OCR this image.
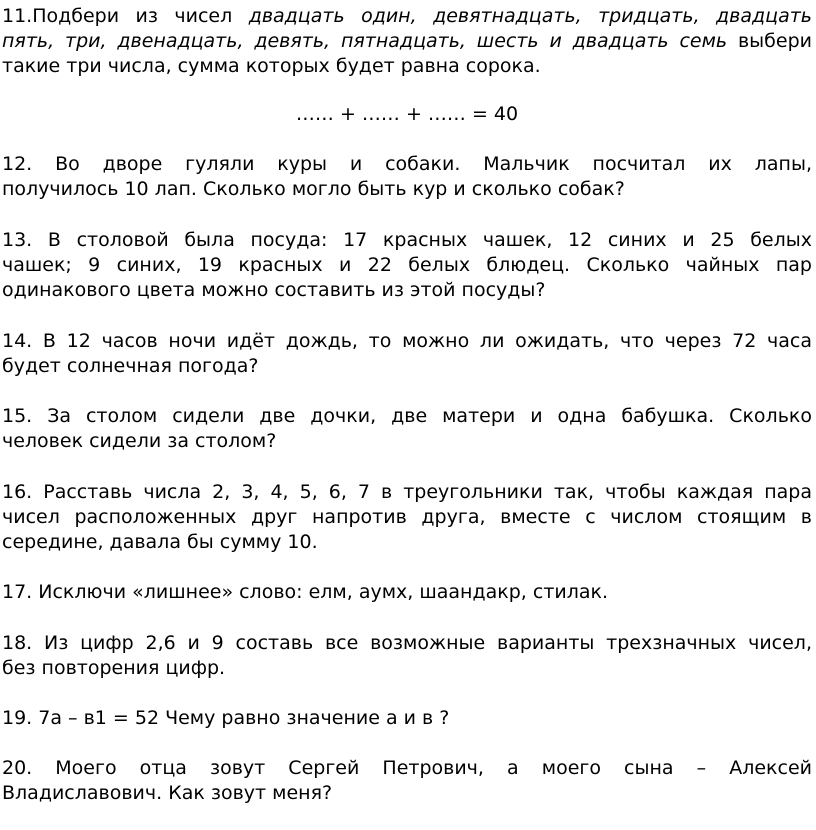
11.Подбери из чисел двадцать один, девятнадцать, тридцать, двадцать
пять, три, двенадцать, девять, пятнадцать, шесть и двадцать семь выбери
такие три числа, сумма которых будет равна сорока.
…… + …… + …… = 40
12. Во дворе гуляли куры и собаки. Мальчик посчитал их лапы,
получилось 10 лап. Сколько могло быть кур и сколько собак?
13. В столовой была посуда: 17 красных чашек, 12 синих и 25 белых
чашек; 9 синих, 19 красных и 22 белых блюдец. Сколько чайных пар
одинакового цвета можно составить из этой посуды?
14. В 12 часов ночи идёт дождь, то можно ли ожидать, что через 72 часа
будет солнечная погода?
15. За столом сидели две дочки, две матери и одна бабушка. Сколько
человек сидели за столом?
16. Расставь числа 2, 3, 4, 5, 6, 7 в треугольники так, чтобы каждая пара
чисел расположенных друг напротив друга, вместе с числом стоящим в
середине, давала бы сумму 10.
17. Исключи «лишнее» слово: елм, аумх, шаандакр, стилак.
18. Из цифр 2,6 и 9 составь все возможные варианты трехзначных чисел,
без повторения цифр.
19. 7а – в1 = 52 Чему равно значение а и в ?
20. Моего отца зовут Сергей Петрович, а моего сына – Алексей
Владиславович. Как зовут меня?
